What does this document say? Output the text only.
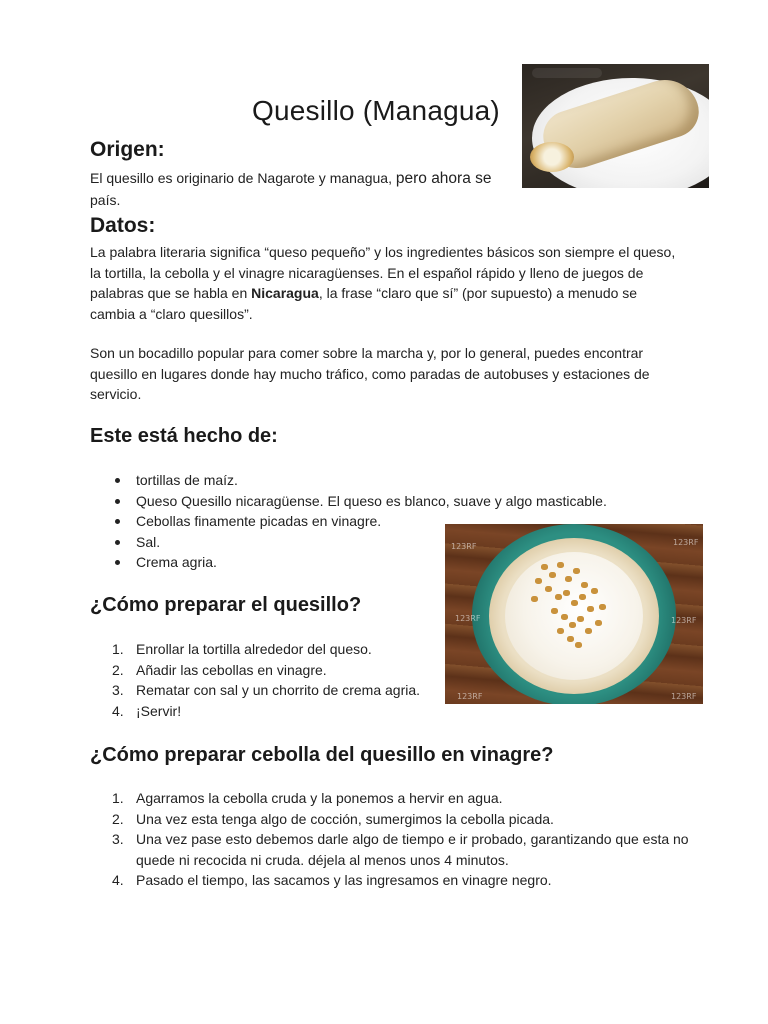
Quesillo (Managua)
Origen:

El quesillo es originario de Nagarote y managua, pero ahora se
país.

Datos:

La palabra literaria significa “queso pequeño” y los ingredientes básicos son siempre el queso, la tortilla, la cebolla y el vinagre nicaragüenses. En el español rápido y lleno de juegos de palabras que se habla en Nicaragua, la frase “claro que sí” (por supuesto) a menudo se cambia a “claro quesillos”.

Son un bocadillo popular para comer sobre la marcha y, por lo general, puedes encontrar quesillo en lugares donde hay mucho tráfico, como paradas de autobuses y estaciones de servicio.

Este está hecho de:
tortillas de maíz.
Queso Quesillo nicaragüense. El queso es blanco, suave y algo masticable.
Cebollas finamente picadas en vinagre.
Sal.
Crema agria.
123RF	123RF
123RF	123RF
123RF	123RF
¿Cómo preparar el quesillo?
1. Enrollar la tortilla alrededor del queso.
2. Añadir las cebollas en vinagre.
3. Rematar con sal y un chorrito de crema agria.
4. ¡Servir!
¿Cómo preparar cebolla del quesillo en vinagre?
1. Agarramos la cebolla cruda y la ponemos a hervir en agua.
2. Una vez esta tenga algo de cocción, sumergimos la cebolla picada.
3. Una vez pase esto debemos darle algo de tiempo e ir probado, garantizando que esta no quede ni recocida ni cruda. déjela al menos unos 4 minutos.
4. Pasado el tiempo, las sacamos y las ingresamos en vinagre negro.
